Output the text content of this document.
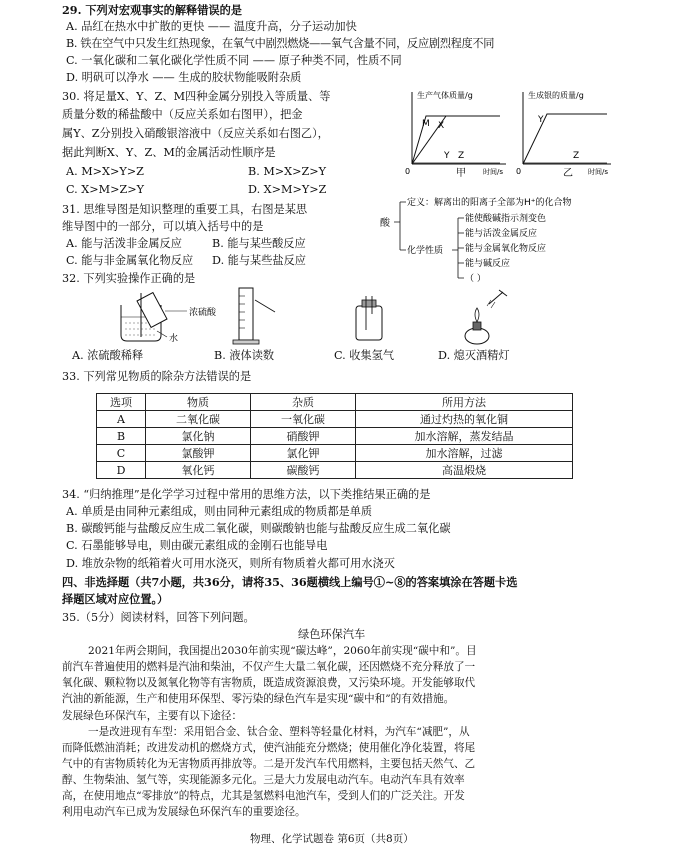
29. 下列对宏观事实的解释错误的是
A. 品红在热水中扩散的更快 —— 温度升高，分子运动加快
B. 铁在空气中只发生红热现象，在氧气中剧烈燃烧——氧气含量不同，反应剧烈程度不同
C. 一氧化碳和二氧化碳化学性质不同 —— 原子种类不同，性质不同
D. 明矾可以净水 —— 生成的胶状物能吸附杂质
30. 将足量X、Y、Z、M四种金属分别投入等质量、等
质量分数的稀盐酸中（反应关系如右图甲），把金
属Y、Z分别投入硝酸银溶液中（反应关系如右图乙），
据此判断X、Y、Z、M的金属活动性顺序是
A. M>X>Y>Z	B. M>X>Z>Y
C. X>M>Z>Y	D. X>M>Y>Z
生产气体质量/g
0	时间/s
甲
M X
Y Z
生成银的质量/g
0	时间/s
乙
Y
Z
31. 思维导图是知识整理的重要工具，右图是某思
维导图中的一部分，可以填入括号中的是
A. 能与活泼非金属反应	B. 能与某些酸反应
C. 能与非金属氧化物反应 D. 能与某些盐反应
酸
定义：解离出的阳离子全部为H⁺的化合物
化学性质
能使酸碱指示剂变色
能与活泼金属反应
能与金属氧化物反应
能与碱反应
（ ）
32. 下列实验操作正确的是
浓硫酸
水
A. 浓硫酸稀释	B. 液体读数	C. 收集氢气	D. 熄灭酒精灯
33. 下列常见物质的除杂方法错误的是
选项	物质	杂质	所用方法
A	二氧化碳	一氧化碳	通过灼热的氧化铜
B	氯化钠	硝酸钾	加水溶解，蒸发结晶
C	氯酸钾	氯化钾	加水溶解，过滤
D	氧化钙	碳酸钙	高温煅烧
34. “归纳推理”是化学学习过程中常用的思维方法，以下类推结果正确的是
A. 单质是由同种元素组成，则由同种元素组成的物质都是单质
B. 碳酸钙能与盐酸反应生成二氧化碳，则碳酸钠也能与盐酸反应生成二氧化碳
C. 石墨能够导电，则由碳元素组成的金刚石也能导电
D. 堆放杂物的纸箱着火可用水浇灭，则所有物质着火都可用水浇灭
四、非选择题（共7小题，共36分，请将35、36题横线上编号①~⑧的答案填涂在答题卡选
择题区域对应位置。）
35.（5分）阅读材料，回答下列问题。
绿色环保汽车
2021年两会期间，我国提出2030年前实现“碳达峰”，2060年前实现“碳中和”。目
前汽车普遍使用的燃料是汽油和柴油，不仅产生大量二氧化碳，还因燃烧不充分释放了一
氧化碳、颗粒物以及氮氧化物等有害物质，既造成资源浪费，又污染环境。开发能够取代
汽油的新能源，生产和使用环保型、零污染的绿色汽车是实现“碳中和”的有效措施。
发展绿色环保汽车，主要有以下途径：
一是改进现有车型：采用铝合金、钛合金、塑料等轻量化材料，为汽车“减肥”，从
而降低燃油消耗；改进发动机的燃烧方式，使汽油能充分燃烧；使用催化净化装置，将尾
气中的有害物质转化为无害物质再排放等。二是开发汽车代用燃料，主要包括天然气、乙
醇、生物柴油、氢气等，实现能源多元化。三是大力发展电动汽车。电动汽车具有效率
高，在使用地点“零排放”的特点，尤其是氢燃料电池汽车，受到人们的广泛关注。开发
利用电动汽车已成为发展绿色环保汽车的重要途径。
物理、化学试题卷 第6页（共8页）
